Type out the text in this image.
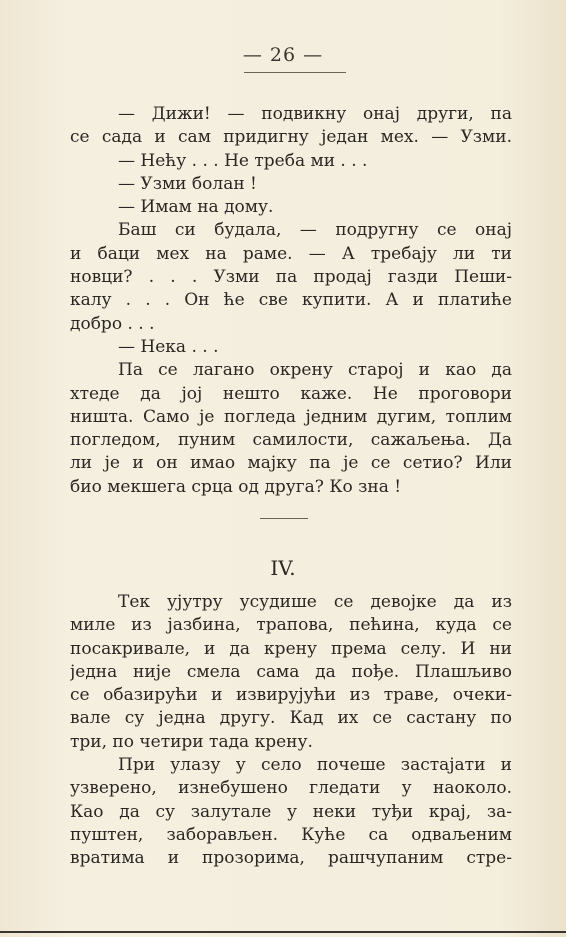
— 26 —
— Дижи! — подвикну онај други, па
се сада и сам придигну један мех. — Узми.
— Нећу . . . Не треба ми . . .
— Узми болан !
— Имам на дому.
Баш си будала, — подругну се онај
и баци мех на раме. — А требају ли ти
новци? . . . Узми па продај газди Пеши-
калу . . . Он ће све купити. А и платиће
добро . . .
— Нека . . .
Па се лагано окрену старој и као да
хтеде да јој нешто каже. Не проговори
ништа. Само је погледа једним дугим, топлим
погледом, пуним самилости, сажаљења. Да
ли је и он имао мајку па је се сетио? Или
био мекшега срца од друга? Ко зна !
IV.
Тек ујутру усудише се девојке да из
миле из јазбина, трапова, пећина, куда се
посакривале, и да крену према селу. И ни
једна није смела сама да пође. Плашљиво
се обазирући и извирујући из траве, очеки-
вале су једна другу. Кад их се састану по
три, по четири тада крену.
При улазу у село почеше застајати и
узверено, изнебушено гледати у наоколо.
Као да су залутале у неки туђи крај, за-
пуштен, заборављен. Куће са одваљеним
вратима и прозорима, рашчупаним стре-
